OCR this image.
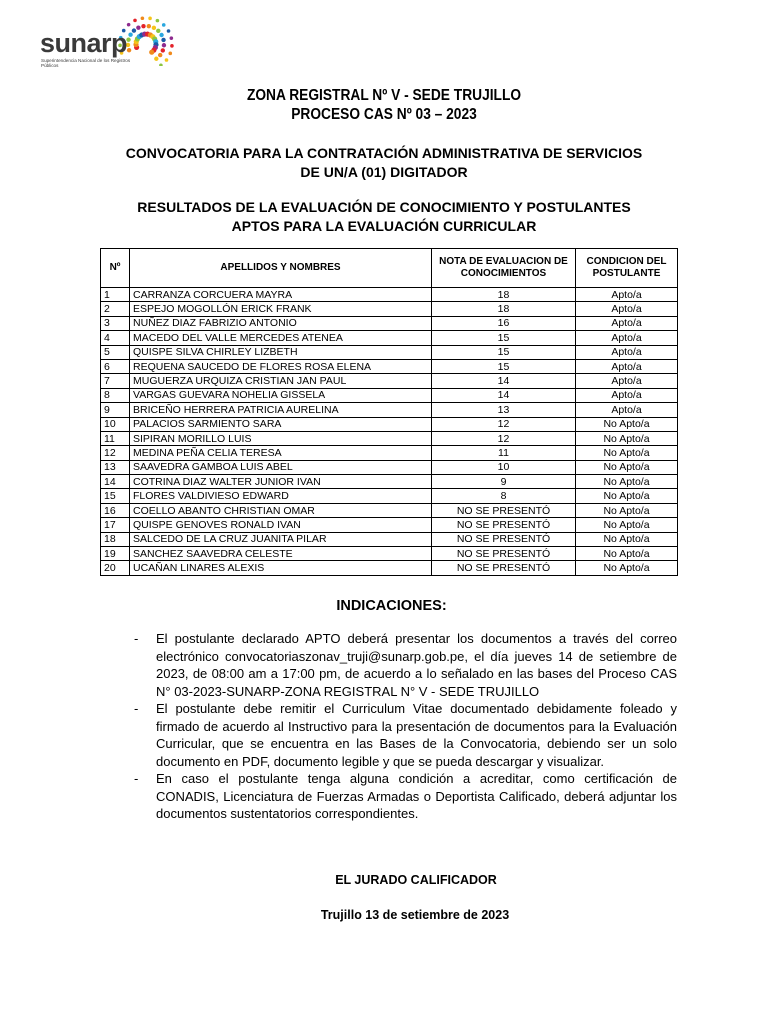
sunarp
Superintendencia Nacional de los Registros Públicos
ZONA REGISTRAL Nº V - SEDE TRUJILLO
PROCESO CAS Nº 03 – 2023
CONVOCATORIA PARA LA CONTRATACIÓN ADMINISTRATIVA DE SERVICIOS
DE UN/A (01) DIGITADOR
RESULTADOS DE LA EVALUACIÓN DE CONOCIMIENTO Y POSTULANTES
APTOS PARA LA EVALUACIÓN CURRICULAR
Nº	APELLIDOS Y NOMBRES	NOTA DE EVALUACION DE CONOCIMIENTOS	CONDICION DEL POSTULANTE
1	CARRANZA CORCUERA MAYRA	18	Apto/a
2	ESPEJO MOGOLLÓN ERICK FRANK	18	Apto/a
3	NUÑEZ DIAZ FABRIZIO ANTONIO	16	Apto/a
4	MACEDO DEL VALLE MERCEDES ATENEA	15	Apto/a
5	QUISPE SILVA CHIRLEY LIZBETH	15	Apto/a
6	REQUENA SAUCEDO DE FLORES ROSA ELENA	15	Apto/a
7	MUGUERZA URQUIZA CRISTIAN JAN PAUL	14	Apto/a
8	VARGAS GUEVARA NOHELIA GISSELA	14	Apto/a
9	BRICEÑO HERRERA PATRICIA AURELINA	13	Apto/a
10	PALACIOS SARMIENTO SARA	12	No Apto/a
11	SIPIRAN MORILLO LUIS	12	No Apto/a
12	MEDINA PEÑA CELIA TERESA	11	No Apto/a
13	SAAVEDRA GAMBOA LUIS ABEL	10	No Apto/a
14	COTRINA DIAZ WALTER JUNIOR IVAN	9	No Apto/a
15	FLORES VALDIVIESO EDWARD	8	No Apto/a
16	COELLO ABANTO CHRISTIAN OMAR	NO SE PRESENTÓ	No Apto/a
17	QUISPE GENOVES RONALD IVAN	NO SE PRESENTÓ	No Apto/a
18	SALCEDO DE LA CRUZ JUANITA PILAR	NO SE PRESENTÓ	No Apto/a
19	SANCHEZ SAAVEDRA CELESTE	NO SE PRESENTÓ	No Apto/a
20	UCAÑAN LINARES ALEXIS	NO SE PRESENTÓ	No Apto/a
INDICACIONES:
- El postulante declarado APTO deberá presentar los documentos a través del correo electrónico convocatoriaszonav_truji@sunarp.gob.pe, el día jueves 14 de setiembre de 2023, de 08:00 am a 17:00 pm, de acuerdo a lo señalado en las bases del Proceso CAS N° 03-2023-SUNARP-ZONA REGISTRAL N° V - SEDE TRUJILLO
- El postulante debe remitir el Curriculum Vitae documentado debidamente foleado y firmado de acuerdo al Instructivo para la presentación de documentos para la Evaluación Curricular, que se encuentra en las Bases de la Convocatoria, debiendo ser un solo documento en PDF, documento legible y que se pueda descargar y visualizar.
- En caso el postulante tenga alguna condición a acreditar, como certificación de CONADIS, Licenciatura de Fuerzas Armadas o Deportista Calificado, deberá adjuntar los documentos sustentatorios correspondientes.
EL JURADO CALIFICADOR
Trujillo 13 de setiembre de 2023
